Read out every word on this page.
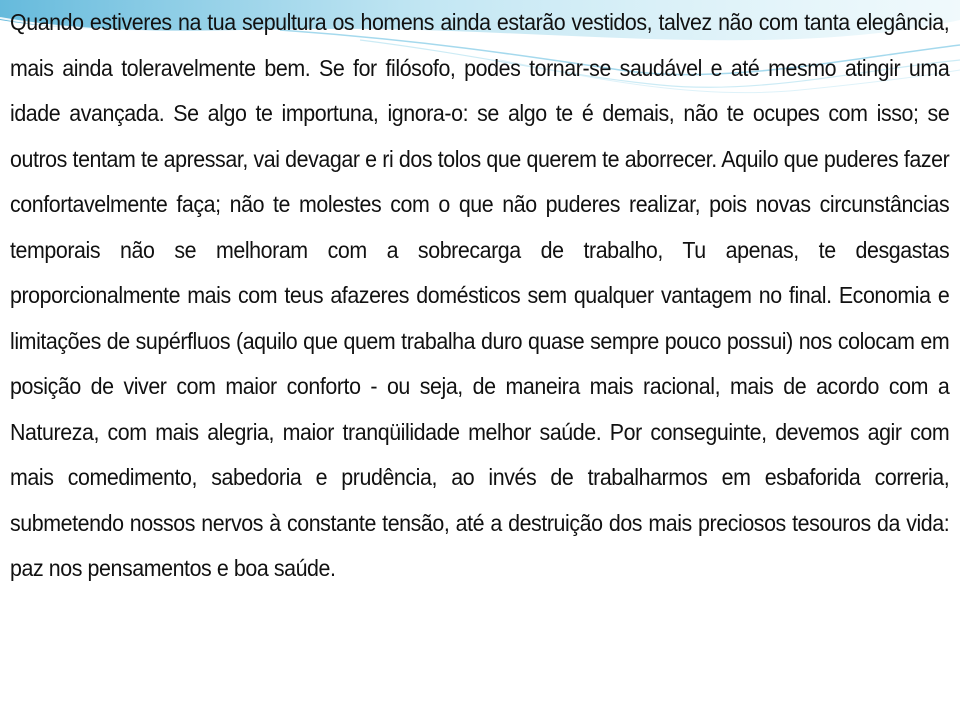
Quando estiveres na tua sepultura os homens ainda estarão vestidos, talvez não com tanta elegância, mais ainda toleravelmente bem. Se for filósofo, podes tornar-se saudável e até mesmo atingir uma idade avançada. Se algo te importuna, ignora-o: se algo te é demais, não te ocupes com isso; se outros tentam te apressar, vai devagar e ri dos tolos que querem te aborrecer. Aquilo que puderes fazer confortavelmente faça; não te molestes com o que não puderes realizar, pois novas circunstâncias temporais não se melhoram com a sobrecarga de trabalho, Tu apenas, te desgastas proporcionalmente mais com teus afazeres domésticos sem qualquer vantagem no final. Economia e limitações de supérfluos (aquilo que quem trabalha duro quase sempre pouco possui) nos colocam em posição de viver com maior conforto - ou seja, de maneira mais racional, mais de acordo com a Natureza, com mais alegria, maior tranqüilidade melhor saúde. Por conseguinte, devemos agir com mais comedimento, sabedoria e prudência, ao invés de trabalharmos em esbaforida correria, submetendo nossos nervos à constante tensão, até a destruição dos mais preciosos tesouros da vida: paz nos pensamentos e boa saúde.
